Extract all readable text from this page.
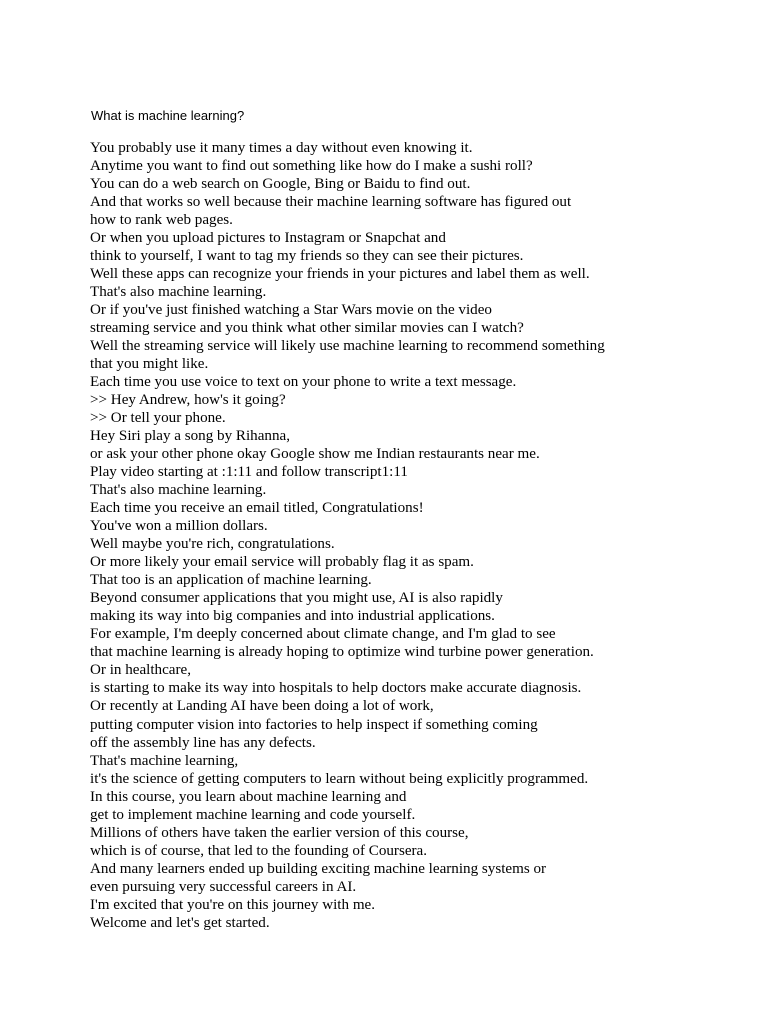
What is machine learning?
You probably use it many times a day without even knowing it.
Anytime you want to find out something like how do I make a sushi roll?
You can do a web search on Google, Bing or Baidu to find out.
And that works so well because their machine learning software has figured out
how to rank web pages.
Or when you upload pictures to Instagram or Snapchat and
think to yourself, I want to tag my friends so they can see their pictures.
Well these apps can recognize your friends in your pictures and label them as well.
That's also machine learning.
Or if you've just finished watching a Star Wars movie on the video
streaming service and you think what other similar movies can I watch?
Well the streaming service will likely use machine learning to recommend something
that you might like.
Each time you use voice to text on your phone to write a text message.
>> Hey Andrew, how's it going?
>> Or tell your phone.
Hey Siri play a song by Rihanna,
or ask your other phone okay Google show me Indian restaurants near me.
Play video starting at :1:11 and follow transcript1:11
That's also machine learning.
Each time you receive an email titled, Congratulations!
You've won a million dollars.
Well maybe you're rich, congratulations.
Or more likely your email service will probably flag it as spam.
That too is an application of machine learning.
Beyond consumer applications that you might use, AI is also rapidly
making its way into big companies and into industrial applications.
For example, I'm deeply concerned about climate change, and I'm glad to see
that machine learning is already hoping to optimize wind turbine power generation.
Or in healthcare,
is starting to make its way into hospitals to help doctors make accurate diagnosis.
Or recently at Landing AI have been doing a lot of work,
putting computer vision into factories to help inspect if something coming
off the assembly line has any defects.
That's machine learning,
it's the science of getting computers to learn without being explicitly programmed.
In this course, you learn about machine learning and
get to implement machine learning and code yourself.
Millions of others have taken the earlier version of this course,
which is of course, that led to the founding of Coursera.
And many learners ended up building exciting machine learning systems or
even pursuing very successful careers in AI.
I'm excited that you're on this journey with me.
Welcome and let's get started.
